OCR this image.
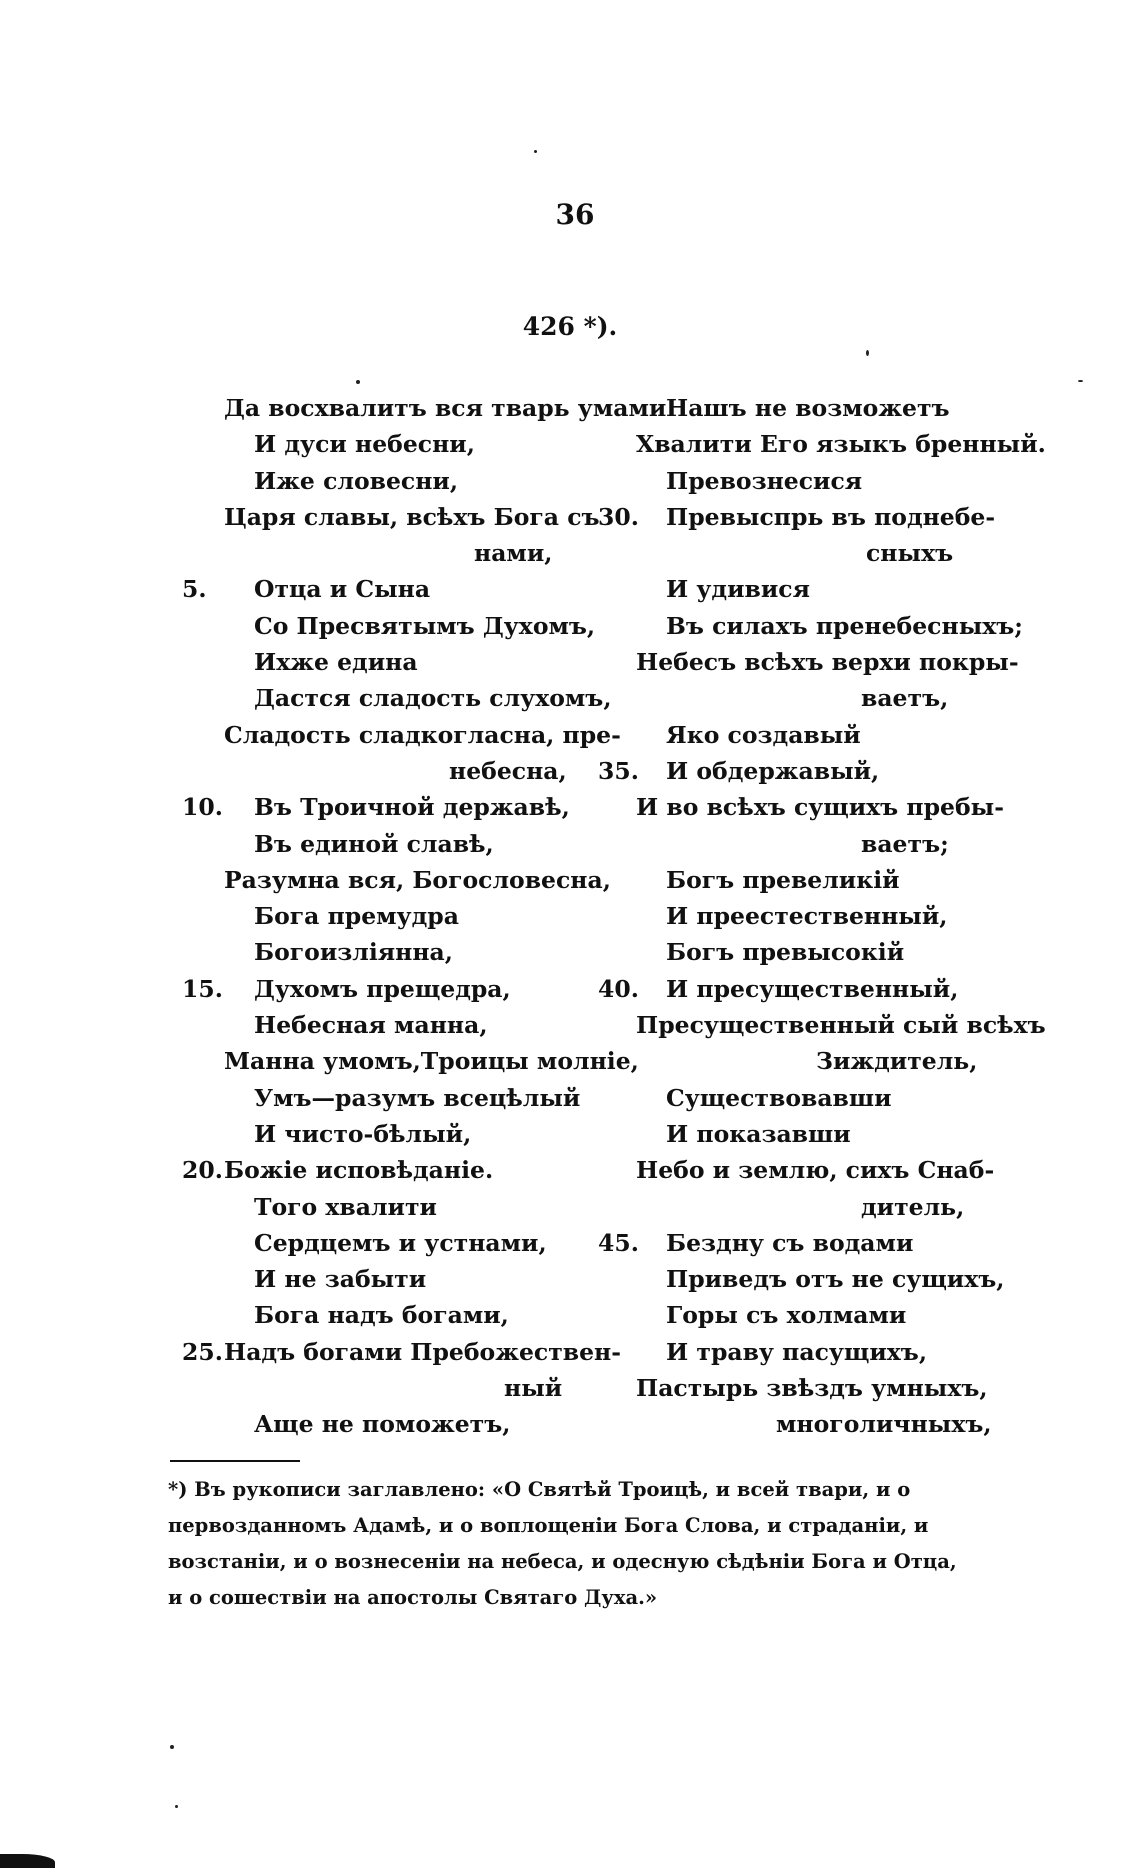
36
426 *).
Да восхвалитъ вся тварь умами
И дуси небесни,
Иже словесни,
Царя славы, всѣхъ Бога съ
нами,
5. Отца и Сына
Со Пресвятымъ Духомъ,
Ихже едина
Дастся сладость слухомъ,
Сладость сладкогласна, пре-
небесна,
10. Въ Троичной державѣ,
Въ единой славѣ,
Разумна вся, Богословесна,
Бога премудра
Богоизліянна,
15. Духомъ прещедра,
Небесная манна,
Манна умомъ,Троицы молніе,
Умъ—разумъ всецѣлый
И чисто-бѣлый,
20. Божіе исповѣданіе.
Того хвалити
Сердцемъ и устнами,
И не забыти
Бога надъ богами,
25. Надъ богами Пребожествен-
ный
Аще не поможетъ,
Нашъ не возможетъ
Хвалити Его языкъ бренный.
Превознесися
30. Превыспрь въ поднебе-
сныхъ
И удивися
Въ силахъ пренебесныхъ;
Небесъ всѣхъ верхи покры-
ваетъ,
Яко создавый
35. И обдержавый,
И во всѣхъ сущихъ пребы-
ваетъ;
Богъ превеликій
И преестественный,
Богъ превысокій
40. И пресущественный,
Пресущественный сый всѣхъ
Зиждитель,
Существовавши
И показавши
Небо и землю, сихъ Снаб-
дитель,
45. Бездну съ водами
Приведъ отъ не сущихъ,
Горы съ холмами
И траву пасущихъ,
Пастырь звѣздъ умныхъ,
многоличныхъ,
*) Въ рукописи заглавлено: «О Святѣй Троицѣ, и всей твари, и о первозданномъ Адамѣ, и о воплощеніи Бога Слова, и страданіи, и возстаніи, и о вознесеніи на небеса, и одесную сѣдѣніи Бога и Отца, и о сошествіи на апостолы Святаго Духа.»
